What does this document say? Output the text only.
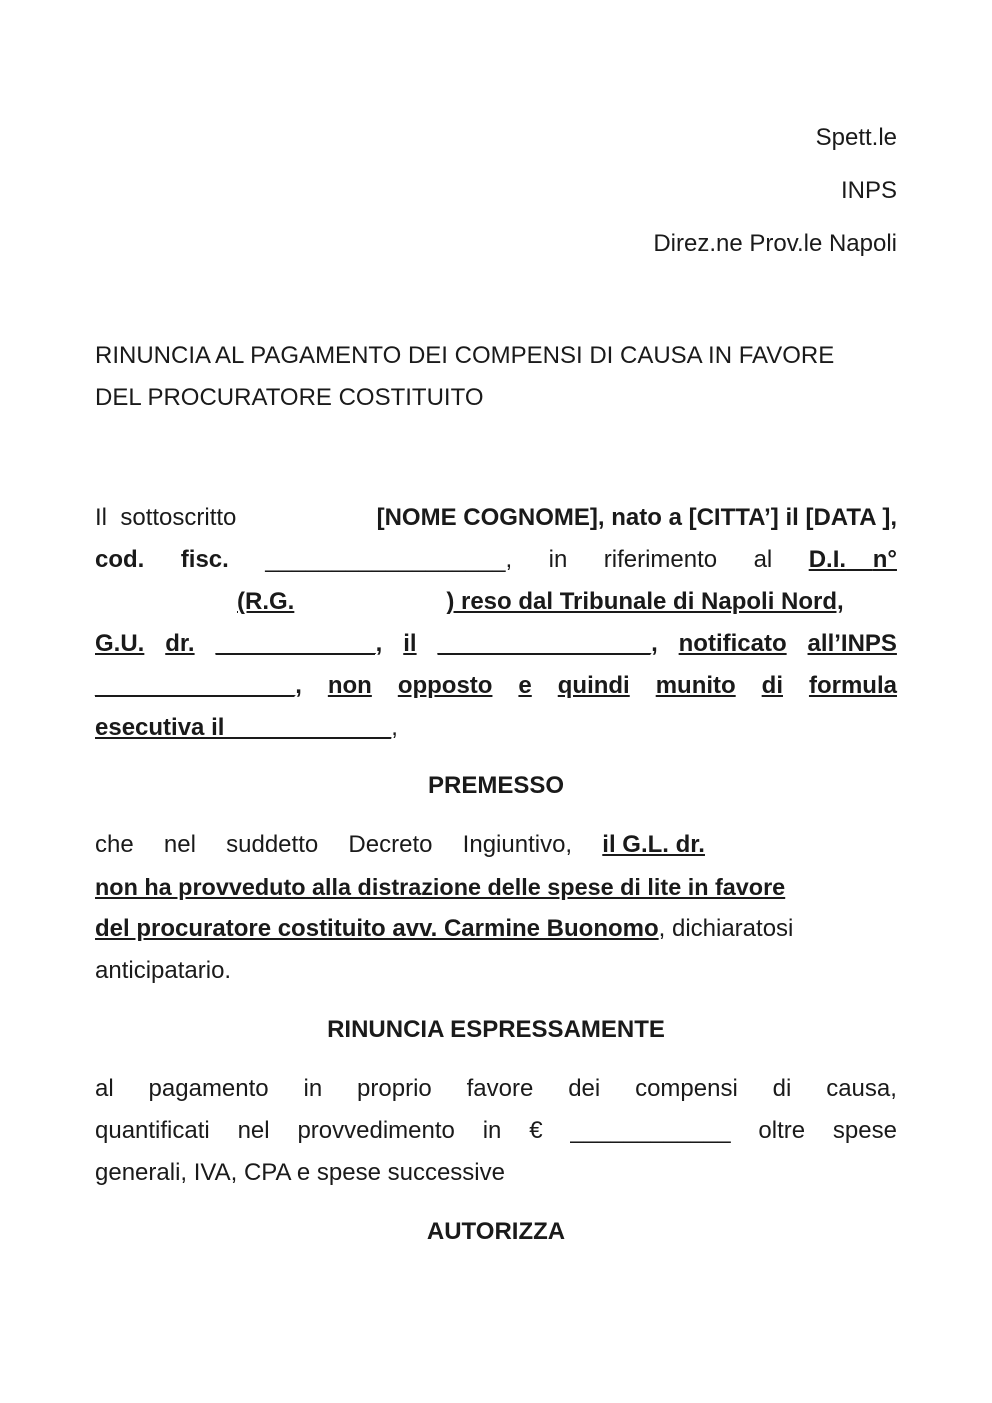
Spett.le
INPS
Direz.ne Prov.le Napoli
RINUNCIA AL PAGAMENTO DEI COMPENSI DI CAUSA IN FAVORE
DEL PROCURATORE COSTITUITO
Il sottoscritto	[NOME COGNOME], nato a [CITTA’] il [DATA ],
cod. fisc. __________________, in riferimento al D.I. n°
(R.G.	) reso dal Tribunale di Napoli Nord,
G.U. dr. ____________, il ________________, notificato all’INPS
_______________, non opposto e quindi munito di formula
esecutiva il ____________,
PREMESSO
che nel suddetto Decreto Ingiuntivo, il G.L. dr.
non ha provveduto alla distrazione delle spese di lite in favore
del procuratore costituito avv. Carmine Buonomo, dichiaratosi
anticipatario.
RINUNCIA ESPRESSAMENTE
al pagamento in proprio favore dei compensi di causa,
quantificati nel provvedimento in € ____________ oltre spese
generali, IVA, CPA e spese successive
AUTORIZZA
